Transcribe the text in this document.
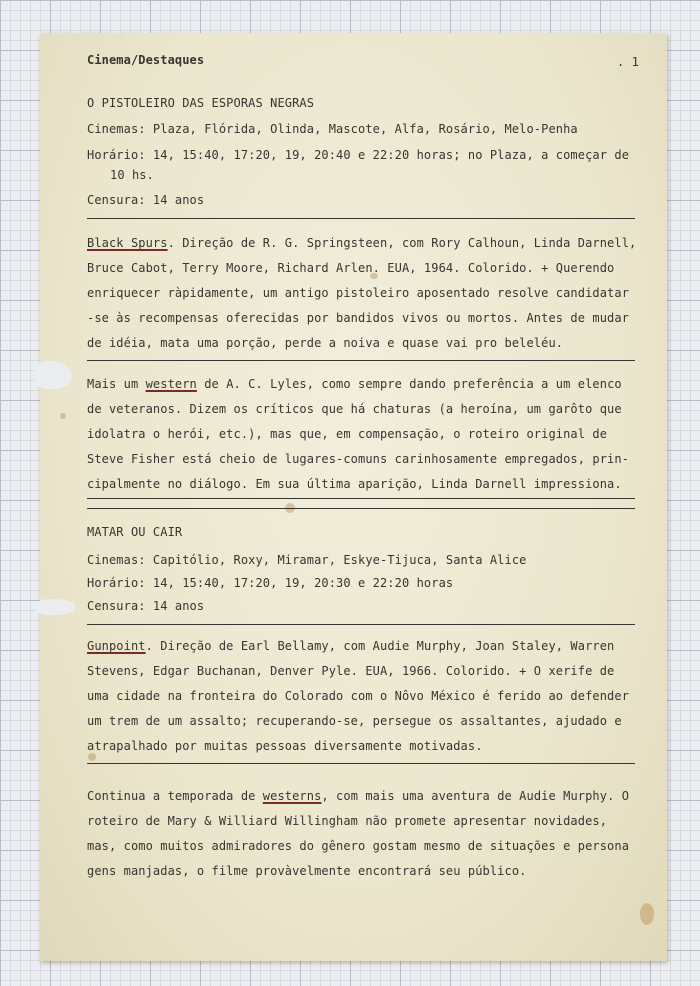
Cinema/Destaques	. 1
O PISTOLEIRO DAS ESPORAS NEGRAS
Cinemas: Plaza, Flórida, Olinda, Mascote, Alfa, Rosário, Melo-Penha
Horário: 14, 15:40, 17:20, 19, 20:40 e 22:20 horas; no Plaza, a começar de
10 hs.
Censura: 14 anos
Black Spurs. Direção de R. G. Springsteen, com Rory Calhoun, Linda Darnell,
Bruce Cabot, Terry Moore, Richard Arlen. EUA, 1964. Colorido. + Querendo
enriquecer ràpidamente, um antigo pistoleiro aposentado resolve candidatar
-se às recompensas oferecidas por bandidos vivos ou mortos. Antes de mudar
de idéia, mata uma porção, perde a noiva e quase vai pro beleléu.
Mais um western de A. C. Lyles, como sempre dando preferência a um elenco
de veteranos. Dizem os críticos que há chaturas (a heroína, um garôto que
idolatra o herói, etc.), mas que, em compensação, o roteiro original de
Steve Fisher está cheio de lugares-comuns carinhosamente empregados, prin-
cipalmente no diálogo. Em sua última aparição, Linda Darnell impressiona.
MATAR OU CAIR
Cinemas: Capitólio, Roxy, Miramar, Eskye-Tijuca, Santa Alice
Horário: 14, 15:40, 17:20, 19, 20:30 e 22:20 horas
Censura: 14 anos
Gunpoint. Direção de Earl Bellamy, com Audie Murphy, Joan Staley, Warren
Stevens, Edgar Buchanan, Denver Pyle. EUA, 1966. Colorido. + O xerife de
uma cidade na fronteira do Colorado com o Nôvo México é ferido ao defender
um trem de um assalto; recuperando-se, persegue os assaltantes, ajudado e
atrapalhado por muitas pessoas diversamente motivadas.
Continua a temporada de westerns, com mais uma aventura de Audie Murphy. O
roteiro de Mary & Williard Willingham não promete apresentar novidades,
mas, como muitos admiradores do gênero gostam mesmo de situações e persona
gens manjadas, o filme provàvelmente encontrará seu público.
